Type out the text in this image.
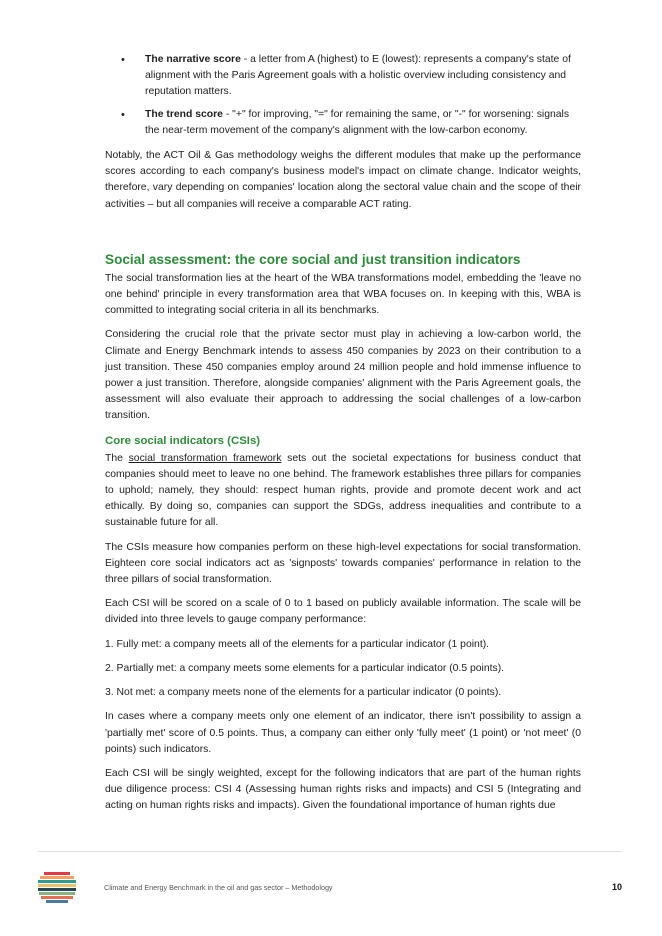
• The narrative score - a letter from A (highest) to E (lowest): represents a company's state of alignment with the Paris Agreement goals with a holistic overview including consistency and reputation matters.
• The trend score - "+" for improving, "=" for remaining the same, or "-" for worsening: signals the near-term movement of the company's alignment with the low-carbon economy.

Notably, the ACT Oil & Gas methodology weighs the different modules that make up the performance scores according to each company's business model's impact on climate change. Indicator weights, therefore, vary depending on companies' location along the sectoral value chain and the scope of their activities – but all companies will receive a comparable ACT rating.

Social assessment: the core social and just transition indicators

The social transformation lies at the heart of the WBA transformations model, embedding the 'leave no one behind' principle in every transformation area that WBA focuses on. In keeping with this, WBA is committed to integrating social criteria in all its benchmarks.

Considering the crucial role that the private sector must play in achieving a low-carbon world, the Climate and Energy Benchmark intends to assess 450 companies by 2023 on their contribution to a just transition. These 450 companies employ around 24 million people and hold immense influence to power a just transition. Therefore, alongside companies' alignment with the Paris Agreement goals, the assessment will also evaluate their approach to addressing the social challenges of a low-carbon transition.

Core social indicators (CSIs)

The social transformation framework sets out the societal expectations for business conduct that companies should meet to leave no one behind. The framework establishes three pillars for companies to uphold; namely, they should: respect human rights, provide and promote decent work and act ethically. By doing so, companies can support the SDGs, address inequalities and contribute to a sustainable future for all.

The CSIs measure how companies perform on these high-level expectations for social transformation. Eighteen core social indicators act as 'signposts' towards companies' performance in relation to the three pillars of social transformation.

Each CSI will be scored on a scale of 0 to 1 based on publicly available information. The scale will be divided into three levels to gauge company performance:

1. Fully met: a company meets all of the elements for a particular indicator (1 point).

2. Partially met: a company meets some elements for a particular indicator (0.5 points).

3. Not met: a company meets none of the elements for a particular indicator (0 points).

In cases where a company meets only one element of an indicator, there isn't possibility to assign a 'partially met' score of 0.5 points. Thus, a company can either only 'fully meet' (1 point) or 'not meet' (0 points) such indicators.

Each CSI will be singly weighted, except for the following indicators that are part of the human rights due diligence process: CSI 4 (Assessing human rights risks and impacts) and CSI 5 (Integrating and acting on human rights risks and impacts). Given the foundational importance of human rights due

Climate and Energy Benchmark in the oil and gas sector – Methodology	10
